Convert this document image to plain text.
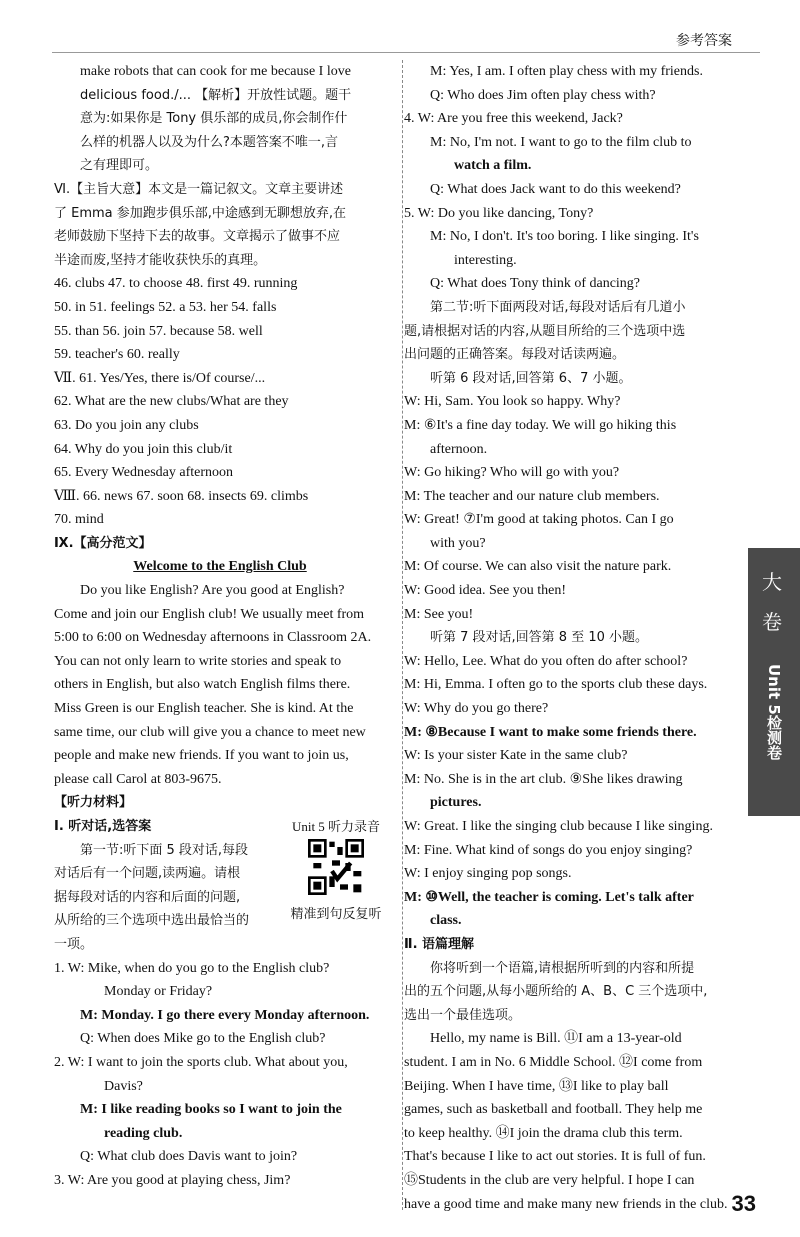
参考答案

make robots that can cook for me because I love

delicious food./... 【解析】开放性试题。题干

意为:如果你是 Tony 俱乐部的成员,你会制作什

么样的机器人以及为什么?本题答案不唯一,言

之有理即可。

Ⅵ.【主旨大意】本文是一篇记叙文。文章主要讲述

了 Emma 参加跑步俱乐部,中途感到无聊想放弃,在

老师鼓励下坚持下去的故事。文章揭示了做事不应

半途而废,坚持才能收获快乐的真理。

46. clubs 47. to choose 48. first 49. running

50. in 51. feelings 52. a 53. her 54. falls

55. than 56. join 57. because 58. well

59. teacher's 60. really

Ⅶ. 61. Yes/Yes, there is/Of course/...

62. What are the new clubs/What are they

63. Do you join any clubs

64. Why do you join this club/it

65. Every Wednesday afternoon

Ⅷ. 66. news 67. soon 68. insects 69. climbs

70. mind

Ⅸ.【高分范文】

Welcome to the English Club

Do you like English? Are you good at English?

Come and join our English club! We usually meet from

5:00 to 6:00 on Wednesday afternoons in Classroom 2A.

You can not only learn to write stories and speak to

others in English, but also watch English films there.

Miss Green is our English teacher. She is kind. At the

same time, our club will give you a chance to meet new

people and make new friends. If you want to join us,

please call Carol at 803-9675.

【听力材料】

Unit 5 听力录音
精准到句反复听

Ⅰ. 听对话,选答案

第一节:听下面 5 段对话,每段

对话后有一个问题,读两遍。请根

据每段对话的内容和后面的问题,

从所给的三个选项中选出最恰当的

一项。

1. W: Mike, when do you go to the English club?

Monday or Friday?

M: Monday. I go there every Monday afternoon.

Q: When does Mike go to the English club?

2. W: I want to join the sports club. What about you,

Davis?

M: I like reading books so I want to join the

reading club.

Q: What club does Davis want to join?

3. W: Are you good at playing chess, Jim?

M: Yes, I am. I often play chess with my friends.

Q: Who does Jim often play chess with?

4. W: Are you free this weekend, Jack?

M: No, I'm not. I want to go to the film club to

watch a film.

Q: What does Jack want to do this weekend?

5. W: Do you like dancing, Tony?

M: No, I don't. It's too boring. I like singing. It's

interesting.

Q: What does Tony think of dancing?

第二节:听下面两段对话,每段对话后有几道小

题,请根据对话的内容,从题目所给的三个选项中选

出问题的正确答案。每段对话读两遍。

听第 6 段对话,回答第 6、7 小题。

W: Hi, Sam. You look so happy. Why?

M: ⑥It's a fine day today. We will go hiking this

afternoon.

W: Go hiking? Who will go with you?

M: The teacher and our nature club members.

W: Great! ⑦I'm good at taking photos. Can I go

with you?

M: Of course. We can also visit the nature park.

W: Good idea. See you then!

M: See you!

听第 7 段对话,回答第 8 至 10 小题。

W: Hello, Lee. What do you often do after school?

M: Hi, Emma. I often go to the sports club these days.

W: Why do you go there?

M: ⑧Because I want to make some friends there.

W: Is your sister Kate in the same club?

M: No. She is in the art club. ⑨She likes drawing

pictures.

W: Great. I like the singing club because I like singing.

M: Fine. What kind of songs do you enjoy singing?

W: I enjoy singing pop songs.

M: ⑩Well, the teacher is coming. Let's talk after

class.

Ⅱ. 语篇理解

你将听到一个语篇,请根据所听到的内容和所提

出的五个问题,从每小题所给的 A、B、C 三个选项中,

选出一个最佳选项。

Hello, my name is Bill. ⑪I am a 13-year-old

student. I am in No. 6 Middle School. ⑫I come from

Beijing. When I have time, ⑬I like to play ball

games, such as basketball and football. They help me

to keep healthy. ⑭I join the drama club this term.

That's because I like to act out stories. It is full of fun.

⑮Students in the club are very helpful. I hope I can

have a good time and make many new friends in the club.

大
卷
Unit 5检测卷
33
